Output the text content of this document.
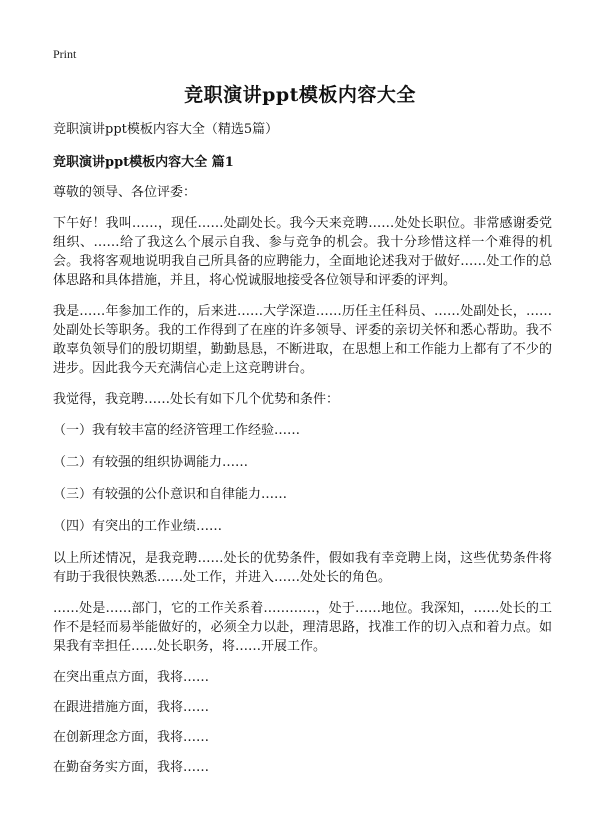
Print
竞职演讲ppt模板内容大全

竞职演讲ppt模板内容大全（精选5篇）

竞职演讲ppt模板内容大全 篇1

尊敬的领导、各位评委：

下午好！我叫……，现任……处副处长。我今天来竞聘……处处长职位。非常感谢委党组织、……给了我这么个展示自我、参与竞争的机会。我十分珍惜这样一个难得的机会。我将客观地说明我自己所具备的应聘能力，全面地论述我对于做好……处工作的总体思路和具体措施，并且，将心悦诚服地接受各位领导和评委的评判。

我是……年参加工作的，后来进……大学深造……历任主任科员、……处副处长，……处副处长等职务。我的工作得到了在座的许多领导、评委的亲切关怀和悉心帮助。我不敢辜负领导们的殷切期望，勤勤恳恳，不断进取，在思想上和工作能力上都有了不少的进步。因此我今天充满信心走上这竞聘讲台。

我觉得，我竞聘……处长有如下几个优势和条件：

（一）我有较丰富的经济管理工作经验……

（二）有较强的组织协调能力……

（三）有较强的公仆意识和自律能力……

（四）有突出的工作业绩……

以上所述情况，是我竞聘……处长的优势条件，假如我有幸竞聘上岗，这些优势条件将有助于我很快熟悉……处工作，并进入……处处长的角色。

……处是……部门，它的工作关系着…………，处于……地位。我深知，……处长的工作不是轻而易举能做好的，必须全力以赴，理清思路，找准工作的切入点和着力点。如果我有幸担任……处长职务，将……开展工作。

在突出重点方面，我将……

在跟进措施方面，我将……

在创新理念方面，我将……

在勤奋务实方面，我将……
